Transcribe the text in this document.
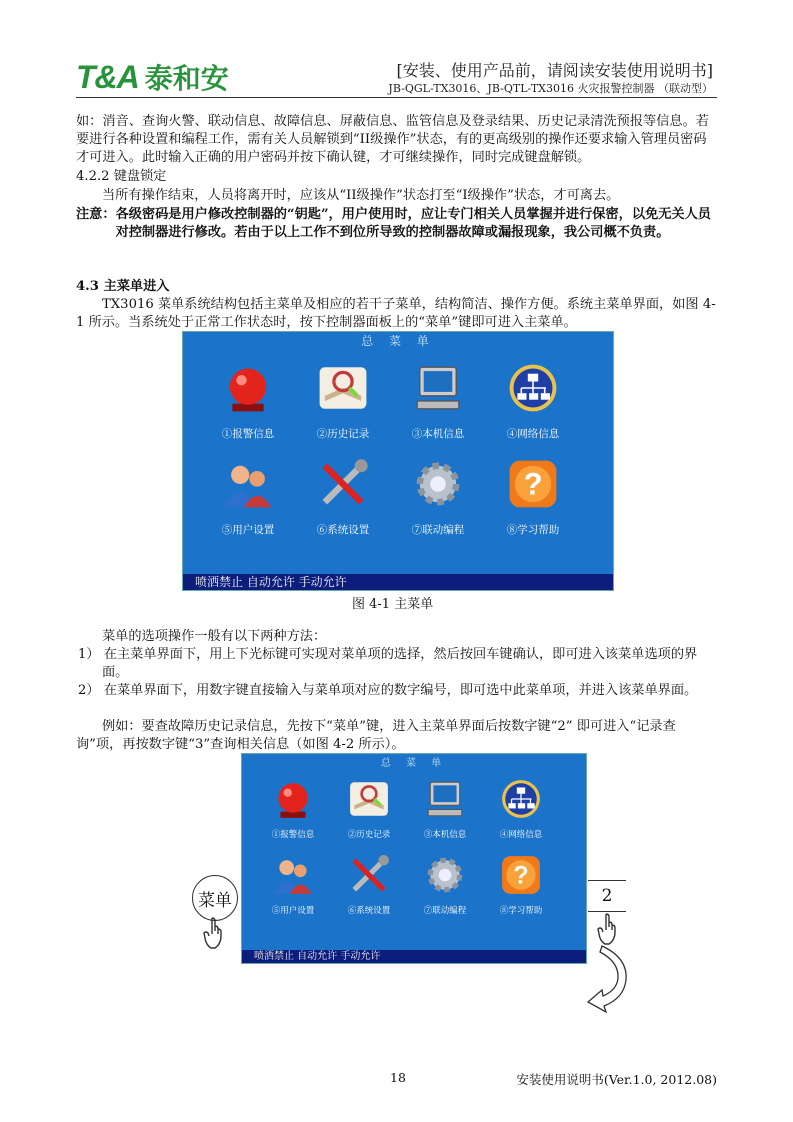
T&A 泰和安	[安装、使用产品前，请阅读安装使用说明书]
JB-QGL-TX3016、JB-QTL-TX3016 火灾报警控制器 （联动型）
如：消音、查询火警、联动信息、故障信息、屏蔽信息、监管信息及登录结果、历史记录清洗预报等信息。若要进行各种设置和编程工作，需有关人员解锁到“II级操作”状态，有的更高级别的操作还要求输入管理员密码才可进入。此时输入正确的用户密码并按下确认键，才可继续操作，同时完成键盘解锁。
4.2.2 键盘锁定
当所有操作结束，人员将离开时，应该从“II级操作”状态打至“I级操作”状态，才可离去。
注意： 各级密码是用户修改控制器的“钥匙”，用户使用时，应让专门相关人员掌握并进行保密，以免无关人员对控制器进行修改。若由于以上工作不到位所导致的控制器故障或漏报现象，我公司概不负责。
4.3 主菜单进入
TX3016 菜单系统结构包括主菜单及相应的若干子菜单，结构简洁、操作方便。系统主菜单界面，如图 4-1 所示。当系统处于正常工作状态时，按下控制器面板上的“菜单”键即可进入主菜单。
总 菜 单
①报警信息	②历史记录	③本机信息	④网络信息
⑤用户设置	⑥系统设置	⑦联动编程
?
⑧学习帮助
喷洒禁止 自动允许 手动允许
图 4-1 主菜单
菜单的选项操作一般有以下两种方法：
1） 在主菜单界面下，用上下光标键可实现对菜单项的选择，然后按回车键确认，即可进入该菜单选项的界面。
2） 在菜单界面下，用数字键直接输入与菜单项对应的数字编号，即可选中此菜单项，并进入该菜单界面。
例如：要查故障历史记录信息，先按下“菜单”键，进入主菜单界面后按数字键“2” 即可进入“记录查询”项，再按数字键“3”查询相关信息（如图 4-2 所示）。
总 菜 单
①报警信息	②历史记录	③本机信息	④网络信息
⑤用户设置	⑥系统设置	⑦联动编程
?
⑧学习帮助
喷洒禁止 自动允许 手动允许
菜单	2
18	安装使用说明书(Ver.1.0, 2012.08)
